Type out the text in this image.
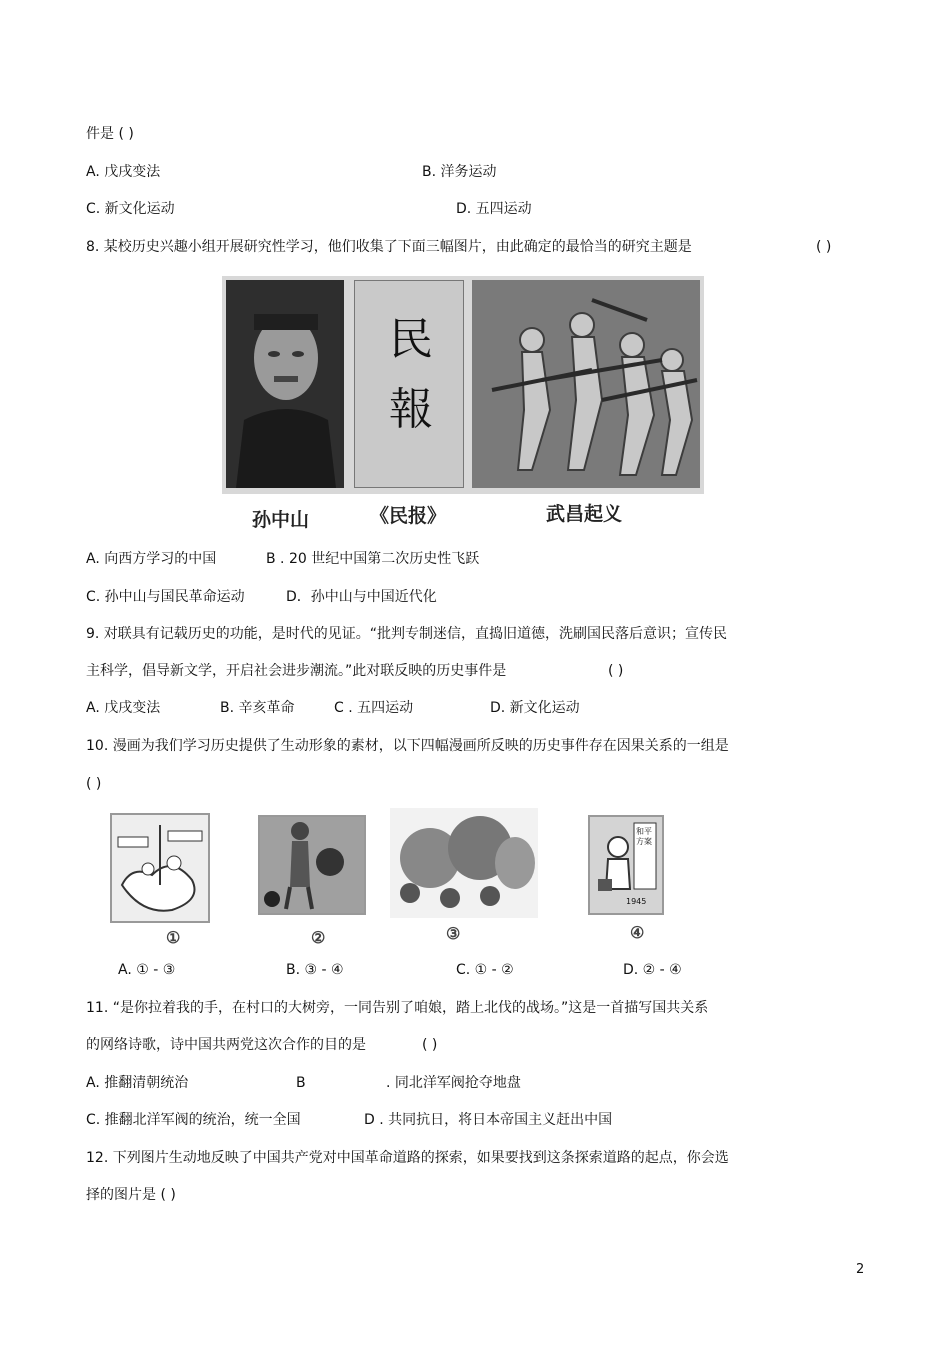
件是 ( )
A. 戊戌变法	B. 洋务运动
C. 新文化运动	D. 五四运动
8. 某校历史兴趣小组开展研究性学习，他们收集了下面三幅图片，由此确定的最恰当的研究主题是	( )
民 報
孙中山	《民报》	武昌起义
A. 向西方学习的中国	B . 20 世纪中国第二次历史性飞跃
C. 孙中山与国民革命运动	D．孙中山与中国近代化
9. 对联具有记载历史的功能，是时代的见证。“批判专制迷信，直捣旧道德，洗刷国民落后意识；宣传民
主科学，倡导新文学，开启社会进步潮流。”此对联反映的历史事件是	( )
A. 戊戌变法	B. 辛亥革命	C . 五四运动	D. 新文化运动
10. 漫画为我们学习历史提供了生动形象的素材，以下四幅漫画所反映的历史事件存在因果关系的一组是
( )
①	②	③
和平方案
1945
④
A. ① - ③	B. ③ - ④	C. ① - ②	D. ② - ④
11. “是你拉着我的手，在村口的大树旁，一同告别了咱娘，踏上北伐的战场。”这是一首描写国共关系
的网络诗歌，诗中国共两党这次合作的目的是	( )
A. 推翻清朝统治	B	. 同北洋军阀抢夺地盘
C. 推翻北洋军阀的统治，统一全国	D . 共同抗日，将日本帝国主义赶出中国
12. 下列图片生动地反映了中国共产党对中国革命道路的探索，如果要找到这条探索道路的起点，你会选
择的图片是 ( )
2
